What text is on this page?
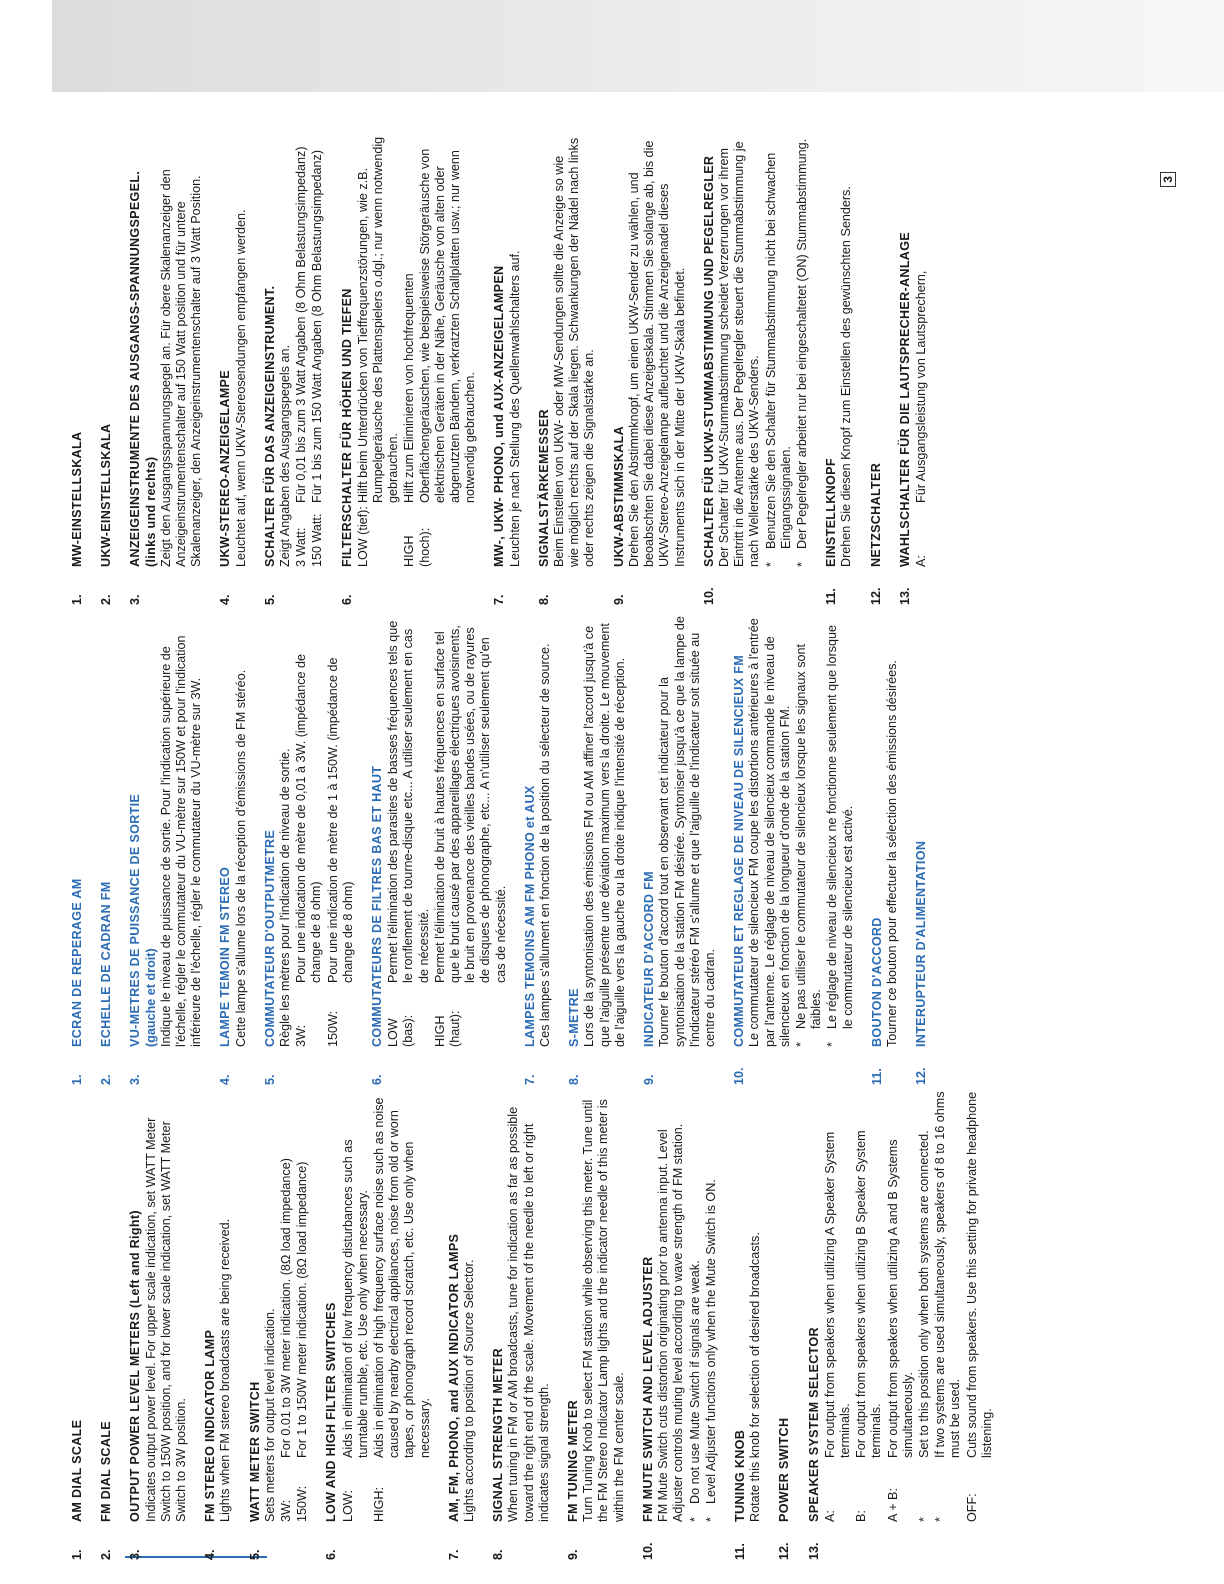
1.
AM DIAL SCALE
2.
FM DIAL SCALE
3.
OUTPUT POWER LEVEL METERS (Left and Right) Indicates output power level. For upper scale indication, set WATT Meter Switch to 150W position, and for lower scale indication, set WATT Meter Switch to 3W position.
4.
FM STEREO INDICATOR LAMP Lights when FM stereo broadcasts are being received.
5.
WATT METER SWITCH Sets meters for output level indication. 3W:
For 0.01 to 3W meter indication. (8Ω load impedance)
150W:
For 1 to 150W meter indication. (8Ω load impedance)
6.
LOW AND HIGH FILTER SWITCHES LOW:
Aids in elimination of low frequency disturbances such as turntable rumble, etc. Use only when necessary.
HIGH:
Aids in elimination of high frequency surface noise such as noise caused by nearby electrical appliances, noise from old or worn tapes, or phonograph record scratch, etc. Use only when necessary.
7.
AM, FM, PHONO, and AUX INDICATOR LAMPS Lights according to position of Source Selector.
8.
SIGNAL STRENGTH METER When tuning in FM or AM broadcasts, tune for indication as far as possible toward the right end of the scale. Movement of the needle to left or right indicates signal strength.
9.
FM TUNING METER Turn Tuning Knob to select FM station while observing this meter. Tune until the FM Stereo Indicator Lamp lights and the indicator needle of this meter is within the FM center scale.
10.
FM MUTE SWITCH AND LEVEL ADJUSTER FM Mute Switch cuts distortion originating prior to antenna input. Level Adjuster controls muting level according to wave strength of FM station. *
Do not use Mute Switch if signals are weak.
*
Level Adjuster functions only when the Mute Switch is ON.
11.
TUNING KNOB Rotate this knob for selection of desired broadcasts.
12.
POWER SWITCH
13.
SPEAKER SYSTEM SELECTOR A:
For output from speakers when utilizing A Speaker System terminals.
B:
For output from speakers when utilizing B Speaker System terminals.
A + B:
For output from speakers when utilizing A and B Systems simultaneously.
*
Set to this position only when both systems are connected.
*
If two systems are used simultaneously, speakers of 8 to 16 ohms must be used.
OFF:
Cuts sound from speakers. Use this setting for private headphone listening.
1.
ECRAN DE REPERAGE AM
2.
ECHELLE DE CADRAN FM
3.
VU-METRES DE PUISSANCE DE SORTIE (gauche et droit) Indique le niveau de puissance de sortie. Pour l'indication supérieure de l'échelle, régler le commutateur du VU-mètre sur 150W et pour l'indication inférieure de l'échelle, régler le commutateur du VU-mètre sur 3W.
4.
LAMPE TEMOIN FM STEREO Cette lampe s'allume lors de la réception d'émissions de FM stéréo.
5.
COMMUTATEUR D'OUTPUTMETRE Règle les mètres pour l'indication de niveau de sortie. 3W:
Pour une indication de mètre de 0,01 à 3W. (impédance de change de 8 ohm)
150W:
Pour une indication de mètre de 1 à 150W. (impédance de change de 8 ohm)
6.
COMMUTATEURS DE FILTRES BAS ET HAUT LOW (bas):
Permet l'élimination des parasites de basses fréquences tels que le ronflement de tourne-disque etc... A utiliser seulement en cas de nécessité.
HIGH (haut):
Permet l'élimination de bruit à hautes fréquences en surface tel que le bruit causé par des appareillages électriques avoisinents, le bruit en provenance des vieilles bandes usées, ou de rayures de disques de phonographe, etc... A n'utiliser seulement qu'en cas de nécessité.
7.
LAMPES TEMOINS AM FM PHONO et AUX Ces lampes s'allument en fonction de la position du sélecteur de source.
8.
S-METRE Lors de la syntonisation des émissions FM ou AM affiner l'accord jusqu'à ce que l'aiguille présente une déviation maximum vers la droite. Le mouvement de l'aiguille vers la gauche ou la droite indique l'intensité de réception.
9.
INDICATEUR D'ACCORD FM Tourner le bouton d'accord tout en observant cet indicateur pour la syntonisation de la station FM désirée. Syntoniser jusqu'à ce que la lampe de l'indicateur stéréo FM s'allume et que l'aiguille de l'indicateur soit située au centre du cadran.
10.
COMMUTATEUR ET REGLAGE DE NIVEAU DE SILENCIEUX FM Le commutateur de silencieux FM coupe les distortions antérieures à l'entrée par l'antenne. Le réglage de niveau de silencieux commande le niveau de silencieux en fonction de la longueur d'onde de la station FM. *
Ne pas utiliser le commutateur de silencieux lorsque les signaux sont faibles.
*
Le réglage de niveau de silencieux ne fonctionne seulement que lorsque le commutateur de silencieux est activé.
11.
BOUTON D'ACCORD Tourner ce bouton pour effectuer la sélection des émissions désirées.
12.
INTERUPTEUR D'ALIMENTATION
1.
MW-EINSTELLSKALA
2.
UKW-EINSTELLSKALA
3.
ANZEIGEINSTRUMENTE DES AUSGANGS-SPANNUNGSPEGEL. (links und rechts) Zeigt den Ausgangsspannungspegel an. Für obere Skalenanzeiger den Anzeigeinstrumentenschalter auf 150 Watt position und für untere Skalenanzeiger, den Anzeigeinstrumentenschalter auf 3 Watt Position.
4.
UKW-STEREO-ANZEIGELAMPE Leuchtet auf, wenn UKW-Stereosendungen empfangen werden.
5.
SCHALTER FÜR DAS ANZEIGEINSTRUMENT. Zeigt Angaben des Ausgangspegels an. 3 Watt:
Für 0,01 bis zum 3 Watt Angaben (8 Ohm Belastungsimpedanz)
150 Watt:
Für 1 bis zum 150 Watt Angaben (8 Ohm Belastungsimpedanz)
6.
FILTERSCHALTER FÜR HÖHEN UND TIEFEN LOW (tief):
Hilft beim Unterdrücken von Tieffrequenzstörungen, wie z.B. Rumpelgeräusche des Plattenspielers o.dgl.; nur wenn notwendig gebrauchen.
HIGH (hoch):
Hilft zum Eliminieren von hochfrequenten Oberflächengeräuschen, wie beispielsweise Störgeräusche von elektrischen Geräten in der Nähe, Geräusche von alten oder abgenutzten Bändern, verkratzten Schallplatten usw.; nur wenn notwendig gebrauchen.
7.
MW-, UKW- PHONO, und AUX-ANZEIGELAMPEN Leuchten je nach Stellung des Quellenwahlschalters auf.
8.
SIGNALSTÄRKEMESSER Beim Einstellen von UKW- oder MW-Sendungen sollte die Anzeige so wie wie möglich rechts auf der Skala liegen. Schwankungen der Nädel nach links oder rechts zeigen die Signalstärke an.
9.
UKW-ABSTIMMSKALA Drehen Sie den Abstimmknopf, um einen UKW-Sender zu wählen, und beoabschten Sie dabei diese Anzeigeskala. Stimmen Sie solange ab, bis die UKW-Stereo-Anzeigelampe aufleuchtet und die Anzeigenadel dieses Instruments sich in der Mitte der UKW-Skala befindet.
10.
SCHALTER FÜR UKW-STUMMABSTIMMUNG UND PEGELREGLER Der Schalter für UKW-Stummabstimmung scheidet Verzerrungen vor ihrem Eintritt in die Antenne aus. Der Pegelregler steuert die Stummabstimmung je nach Wellerstärke des UKW-Senders. *
Benutzen Sie den Schalter für Stummabstimmung nicht bei schwachen Eingangssignalen.
*
Der Pegelregler arbeitet nur bei eingeschaltetet (ON) Stummabstimmung.
11.
EINSTELLKNOPF Drehen Sie diesen Knopf zum Einstellen des gewünschten Senders.
12.
NETZSCHALTER
13.
WAHLSCHALTER FÜR DIE LAUTSPRECHER-ANLAGE A:
Für Ausgangsleistung von Lautsprechern,
3
